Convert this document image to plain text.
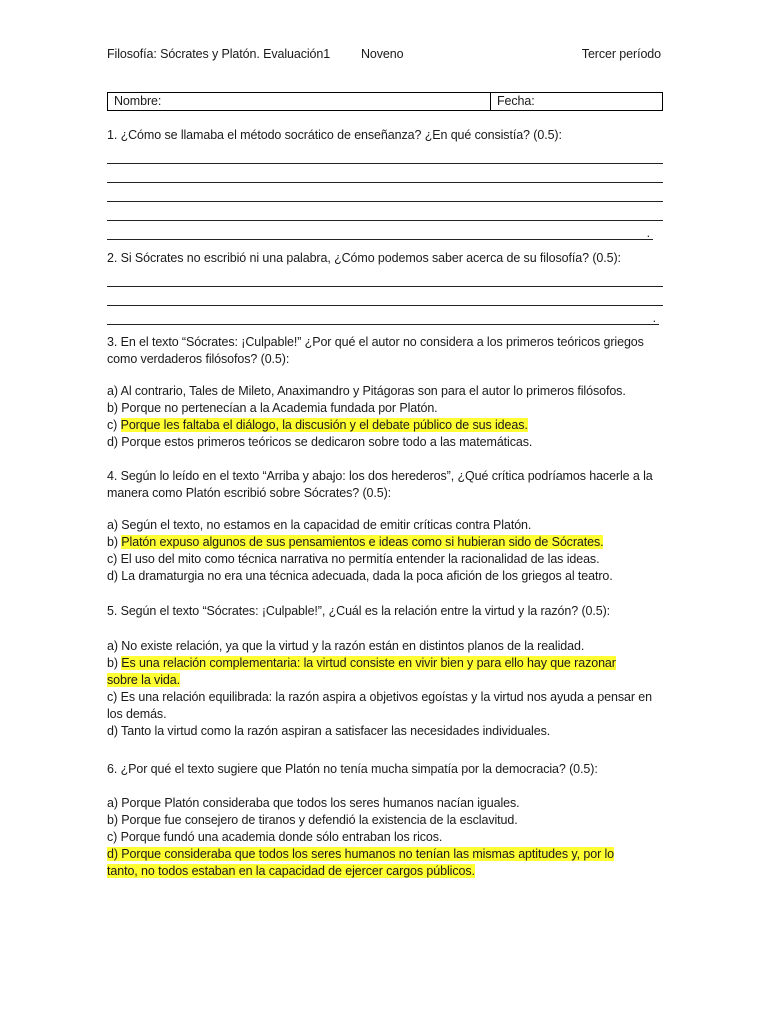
Filosofía: Sócrates y Platón. Evaluación1 Noveno	Tercer período
Nombre:	Fecha:

1. ¿Cómo se llamaba el método socrático de enseñanza? ¿En qué consistía? (0.5):

.

2. Si Sócrates no escribió ni una palabra, ¿Cómo podemos saber acerca de su filosofía? (0.5):

.

3. En el texto “Sócrates: ¡Culpable!” ¿Por qué el autor no considera a los primeros teóricos griegos como verdaderos filósofos? (0.5):

a) Al contrario, Tales de Mileto, Anaximandro y Pitágoras son para el autor lo primeros filósofos.

b) Porque no pertenecían a la Academia fundada por Platón.

c) Porque les faltaba el diálogo, la discusión y el debate público de sus ideas.

d) Porque estos primeros teóricos se dedicaron sobre todo a las matemáticas.

4. Según lo leído en el texto “Arriba y abajo: los dos herederos”, ¿Qué crítica podríamos hacerle a la manera como Platón escribió sobre Sócrates? (0.5):

a) Según el texto, no estamos en la capacidad de emitir críticas contra Platón.

b) Platón expuso algunos de sus pensamientos e ideas como si hubieran sido de Sócrates.

c) El uso del mito como técnica narrativa no permitía entender la racionalidad de las ideas.

d) La dramaturgia no era una técnica adecuada, dada la poca afición de los griegos al teatro.

5. Según el texto “Sócrates: ¡Culpable!”, ¿Cuál es la relación entre la virtud y la razón? (0.5):

a) No existe relación, ya que la virtud y la razón están en distintos planos de la realidad.

b) Es una relación complementaria: la virtud consiste en vivir bien y para ello hay que razonar

sobre la vida.

c) Es una relación equilibrada: la razón aspira a objetivos egoístas y la virtud nos ayuda a pensar en los demás.

d) Tanto la virtud como la razón aspiran a satisfacer las necesidades individuales.

6. ¿Por qué el texto sugiere que Platón no tenía mucha simpatía por la democracia? (0.5):

a) Porque Platón consideraba que todos los seres humanos nacían iguales.

b) Porque fue consejero de tiranos y defendió la existencia de la esclavitud.

c) Porque fundó una academia donde sólo entraban los ricos.

d) Porque consideraba que todos los seres humanos no tenían las mismas aptitudes y, por lo

tanto, no todos estaban en la capacidad de ejercer cargos públicos.
